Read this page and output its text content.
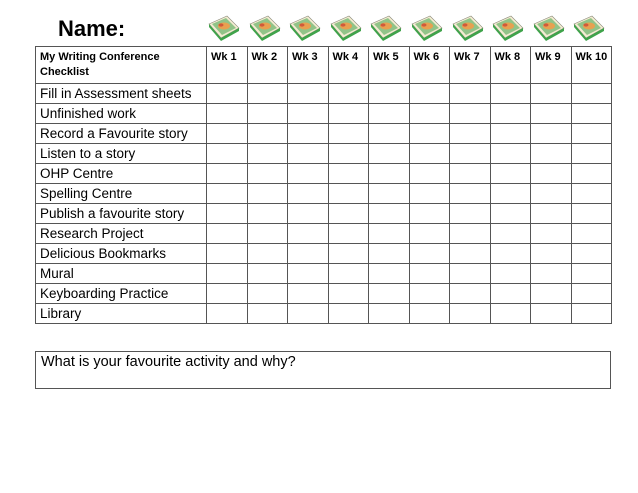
Name:
My Writing Conference Checklist	Wk 1	Wk 2	Wk 3	Wk 4	Wk 5	Wk 6	Wk 7	Wk 8	Wk 9	Wk 10
Fill in Assessment sheets										
Unfinished work										
Record a Favourite story										
Listen to a story										
OHP Centre										
Spelling Centre										
Publish a favourite story										
Research Project										
Delicious Bookmarks										
Mural										
Keyboarding Practice										
Library										
What is your favourite activity and why?
